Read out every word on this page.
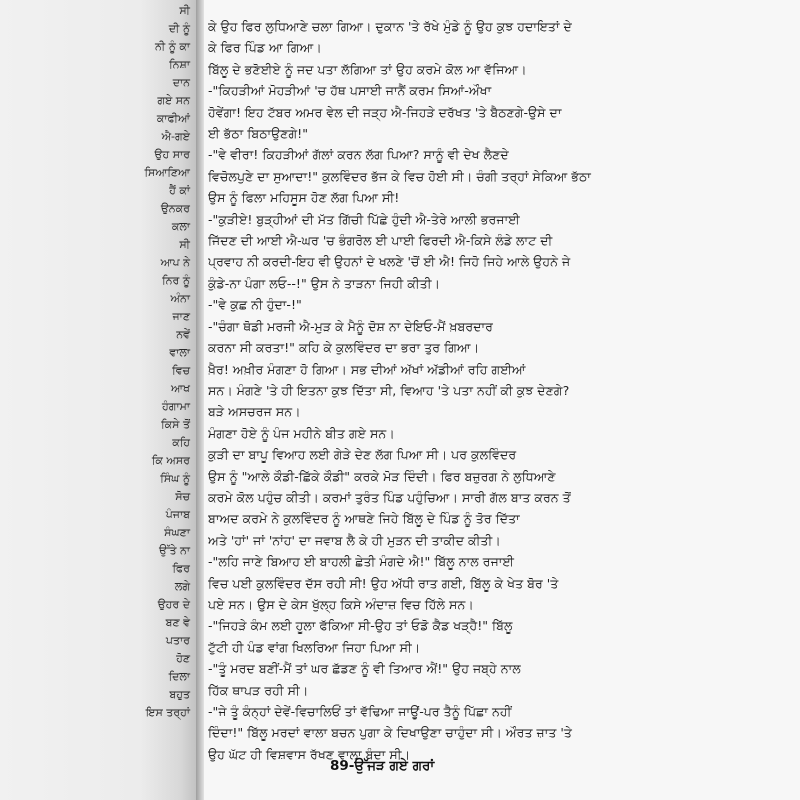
ਸੀ
ਦੀ ਨੂੰ
ਨੀ ਨੂੰ ਕਾ
ਨਿਸ਼ਾ
ਦਾਨ
ਗਏ ਸਨ
ਕਾਫੀਆਂ
ਐ-ਗਏ
ਉਹ ਸਾਰ
ਸਿਆਣਿਆ
ਹੈਂ ਕਾਂ
ਉਨਕਰ
ਕਲਾ
ਸੀ
ਆਪ ਨੇ
ਨਿਰ ਨੂੰ
ਅੰਨਾ
ਜਾਣ
ਨਵੇਂ
ਵਾਲਾ
ਵਿਚ
ਆਖ
ਹੰਗਾਮਾ
ਕਿਸੇ ਤੋਂ
ਕਹਿ
ਕਿ ਅਸਰ
ਸਿੰਘ ਨੂੰ
ਸੋਚ
ਪੰਜਾਬ
ਸੰਘਣਾ
ਉੱਤੇ ਨਾ
ਫਿਰ
ਲਗੇ
ਉਹਰ ਦੇ
ਬਣ ਵੇ
ਪਤਾਰ
ਹੋਣ
ਦਿਲਾ
ਬਹੁਤ
ਇਸ ਤਰ੍ਹਾਂ
ਕੇ ਉਹ ਫਿਰ ਲੁਧਿਆਣੇ ਚਲਾ ਗਿਆ। ਦੁਕਾਨ 'ਤੇ ਰੱਖੇ ਮੁੰਡੇ ਨੂੰ ਉਹ ਕੁਝ ਹਦਾਇਤਾਂ ਦੇ
ਕੇ ਫਿਰ ਪਿੰਡ ਆ ਗਿਆ।
ਬਿੱਲੂ ਦੇ ਭਣੋਈਏ ਨੂੰ ਜਦ ਪਤਾ ਲੱਗਿਆ ਤਾਂ ਉਹ ਕਰਮੇ ਕੋਲ ਆ ਵੱਜਿਆ।
-"ਕਿਹੜੀਆਂ ਮੋਹੜੀਆਂ 'ਚ ਹੱਥ ਪਸਾਈ ਜਾਨੈਂ ਕਰਮ ਸਿਆਂ-ਔਖਾ
ਹੋਵੇਂਗਾ! ਇਹ ਟੱਬਰ ਅਮਰ ਵੇਲ ਦੀ ਜੜ੍ਹ ਐ-ਜਿਹੜੇ ਦਰੱਖਤ 'ਤੇ ਬੈਠਣਗੇ-ਉਸੇ ਦਾ
ਈ ਭੱਠਾ ਬਿਠਾਉਣਗੇ!"
-"ਵੇ ਵੀਰਾ! ਕਿਹੜੀਆਂ ਗੱਲਾਂ ਕਰਨ ਲੱਗ ਪਿਆ? ਸਾਨੂੰ ਵੀ ਦੇਖ ਲੈਣਦੇ
ਵਿਚੋਲਪੁਣੇ ਦਾ ਸੁਆਦਾ!" ਕੁਲਵਿੰਦਰ ਭੱਜ ਕੇ ਵਿਚ ਹੋਈ ਸੀ। ਚੰਗੀ ਤਰ੍ਹਾਂ ਸੇਕਿਆ ਭੱਠਾ
ਉਸ ਨੂੰ ਫਿਲਾ ਮਹਿਸੂਸ ਹੋਣ ਲੱਗ ਪਿਆ ਸੀ!
-"ਕੁੜੀਏ! ਬੁੜ੍ਹੀਆਂ ਦੀ ਮੱਤ ਗਿੱਚੀ ਪਿੱਛੇ ਹੁੰਦੀ ਐ-ਤੇਰੇ ਆਲੀ ਭਰਜਾਈ
ਜਿੱਦਣ ਦੀ ਆਈ ਐ-ਘਰ 'ਚ ਭੰਗਰੋਲ ਈ ਪਾਈ ਫਿਰਦੀ ਐ-ਕਿਸੇ ਲੰਡੇ ਲਾਟ ਦੀ
ਪ੍ਰਵਾਹ ਨੀ ਕਰਦੀ-ਇਹ ਵੀ ਉਹਨਾਂ ਦੇ ਖਲਣੇ 'ਚੋਂ ਈ ਐ! ਜਿਹੋ ਜਿਹੇ ਆਲੇ ਉਹਨੇ ਜੇ
ਕੁੰਡੇ-ਨਾ ਪੰਗਾ ਲਓ--!" ਉਸ ਨੇ ਤਾੜਨਾ ਜਿਹੀ ਕੀਤੀ।
-"ਵੇ ਕੁਛ ਨੀ ਹੁੰਦਾ-!"
-"ਚੰਗਾ ਥੋਡੀ ਮਰਜੀ ਐ-ਮੁੜ ਕੇ ਮੈਨੂੰ ਦੋਸ਼ ਨਾ ਦੇਇਓ-ਮੈਂ ਖ਼ਬਰਦਾਰ
ਕਰਨਾ ਸੀ ਕਰਤਾ!" ਕਹਿ ਕੇ ਕੁਲਵਿੰਦਰ ਦਾ ਭਰਾ ਤੁਰ ਗਿਆ।
ਖ਼ੈਰ! ਅਖ਼ੀਰ ਮੰਗਣਾ ਹੋ ਗਿਆ। ਸਭ ਦੀਆਂ ਅੱਖਾਂ ਅੱਡੀਆਂ ਰਹਿ ਗਈਆਂ
ਸਨ। ਮੰਗਣੇ 'ਤੇ ਹੀ ਇਤਨਾ ਕੁਝ ਦਿੱਤਾ ਸੀ, ਵਿਆਹ 'ਤੇ ਪਤਾ ਨਹੀਂ ਕੀ ਕੁਝ ਦੇਣਗੇ?
ਬੜੇ ਅਸਚਰਜ ਸਨ।
ਮੰਗਣਾ ਹੋਏ ਨੂੰ ਪੰਜ ਮਹੀਨੇ ਬੀਤ ਗਏ ਸਨ।
ਕੁੜੀ ਦਾ ਬਾਪੂ ਵਿਆਹ ਲਈ ਗੇੜੇ ਦੇਣ ਲੱਗ ਪਿਆ ਸੀ। ਪਰ ਕੁਲਵਿੰਦਰ
ਉਸ ਨੂੰ "ਆਲੇ ਕੌਡੀ-ਛਿੱਕੇ ਕੌਡੀ" ਕਰਕੇ ਮੋੜ ਦਿੰਦੀ। ਫਿਰ ਬਜ਼ੁਰਗ ਨੇ ਲੁਧਿਆਣੇ
ਕਰਮੇ ਕੋਲ ਪਹੁੰਚ ਕੀਤੀ। ਕਰਮਾਂ ਤੁਰੰਤ ਪਿੰਡ ਪਹੁੰਚਿਆ। ਸਾਰੀ ਗੱਲ ਬਾਤ ਕਰਨ ਤੋਂ
ਬਾਅਦ ਕਰਮੇ ਨੇ ਕੁਲਵਿੰਦਰ ਨੂੰ ਆਥਣੇ ਜਿਹੇ ਬਿੱਲੂ ਦੇ ਪਿੰਡ ਨੂੰ ਤੋਰ ਦਿੱਤਾ
ਅਤੇ 'ਹਾਂ' ਜਾਂ 'ਨਾਂਹ' ਦਾ ਜਵਾਬ ਲੈ ਕੇ ਹੀ ਮੁੜਨ ਦੀ ਤਾਕੀਦ ਕੀਤੀ।
-"ਲਹਿ ਜਾਣੇ ਬਿਆਹ ਈ ਬਾਹਲੀ ਛੇਤੀ ਮੰਗਦੇ ਐ!" ਬਿੱਲੂ ਨਾਲ ਰਜਾਈ
ਵਿਚ ਪਈ ਕੁਲਵਿੰਦਰ ਦੱਸ ਰਹੀ ਸੀ! ਉਹ ਅੱਧੀ ਰਾਤ ਗਈ, ਬਿੱਲੂ ਕੇ ਖੇਤ ਬੋਰ 'ਤੇ
ਪਏ ਸਨ। ਉਸ ਦੇ ਕੇਸ ਖੁੱਲ੍ਹ ਕਿਸੇ ਅੰਦਾਜ਼ ਵਿਚ ਹਿੱਲੇ ਸਨ।
-"ਜਿਹੜੇ ਕੰਮ ਲਈ ਹੂਲਾ ਫੱਕਿਆ ਸੀ-ਉਹ ਤਾਂ ਓਡੋ ਕੈਡ ਖੜ੍ਹੈ!" ਬਿੱਲੂ
ਟੁੱਟੀ ਹੀ ਪੰਡ ਵਾਂਗ ਖਿਲਰਿਆ ਜਿਹਾ ਪਿਆ ਸੀ।
-"ਤੂੰ ਮਰਦ ਬਣੀਂ-ਮੈਂ ਤਾਂ ਘਰ ਛੱਡਣ ਨੂੰ ਵੀ ਤਿਆਰ ਐਂ!" ਉਹ ਜਬ੍ਹੇ ਨਾਲ
ਹਿੱਕ ਥਾਪੜ ਰਹੀ ਸੀ।
-"ਜੇ ਤੂੰ ਕੰਨ੍ਹਾਂ ਦੇਵੇਂ-ਵਿਚਾਲਿਓਂ ਤਾਂ ਵੱਢਿਆ ਜਾਊਂ-ਪਰ ਤੈਨੂੰ ਪਿੱਛਾ ਨਹੀਂ
ਦਿੰਦਾ!" ਬਿੱਲੂ ਮਰਦਾਂ ਵਾਲਾ ਬਚਨ ਪੁਗਾ ਕੇ ਦਿਖਾਉਣਾ ਚਾਹੁੰਦਾ ਸੀ। ਔਰਤ ਜ਼ਾਤ 'ਤੇ
ਉਹ ਘੱਟ ਹੀ ਵਿਸ਼ਵਾਸ ਰੱਖਣ ਵਾਲਾ ਬੰਦਾ ਸੀ।
89-ਉੱਜੜ ਗਏ ਗਰਾਂ
